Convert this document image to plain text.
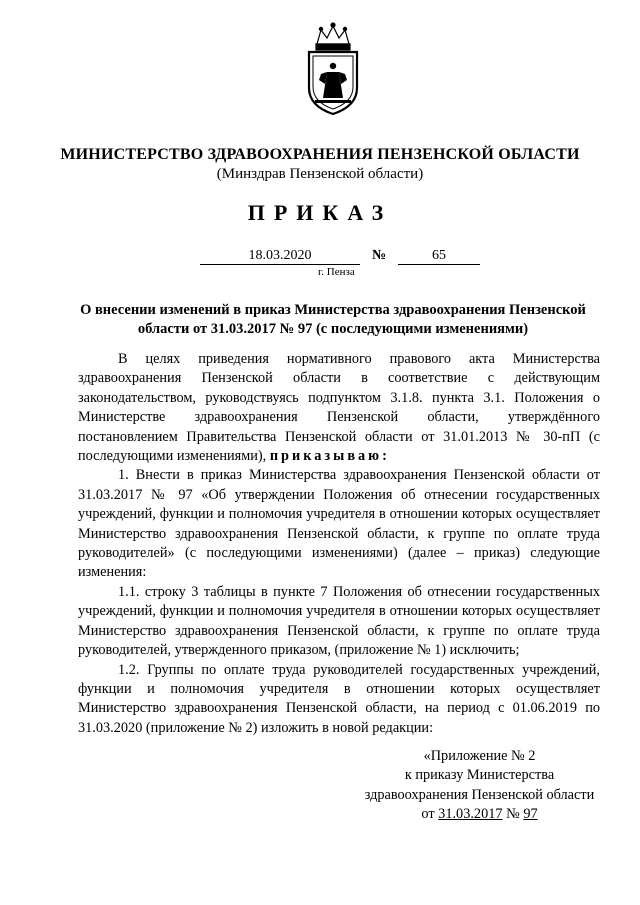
МИНИСТЕРСТВО ЗДРАВООХРАНЕНИЯ ПЕНЗЕНСКОЙ ОБЛАСТИ
(Минздрав Пензенской области)
ПРИКАЗ
18.03.2020	№	65
г. Пенза
О внесении изменений в приказ Министерства здравоохранения Пензенской области от 31.03.2017 № 97 (с последующими изменениями)

В целях приведения нормативного правового акта Министерства здравоохранения Пензенской области в соответствие с действующим законодательством, руководствуясь подпунктом 3.1.8. пункта 3.1. Положения о Министерстве здравоохранения Пензенской области, утверждённого постановлением Правительства Пензенской области от 31.01.2013 № 30-пП (с последующими изменениями), приказываю:

1. Внести в приказ Министерства здравоохранения Пензенской области от 31.03.2017 № 97 «Об утверждении Положения об отнесении государственных учреждений, функции и полномочия учредителя в отношении которых осуществляет Министерство здравоохранения Пензенской области, к группе по оплате труда руководителей» (с последующими изменениями) (далее – приказ) следующие изменения:

1.1. строку 3 таблицы в пункте 7 Положения об отнесении государственных учреждений, функции и полномочия учредителя в отношении которых осуществляет Министерство здравоохранения Пензенской области, к группе по оплате труда руководителей, утвержденного приказом, (приложение № 1) исключить;

1.2. Группы по оплате труда руководителей государственных учреждений, функции и полномочия учредителя в отношении которых осуществляет Министерство здравоохранения Пензенской области, на период с 01.06.2019 по 31.03.2020 (приложение № 2) изложить в новой редакции:

«Приложение № 2
к приказу Министерства
здравоохранения Пензенской области
от 31.03.2017 № 97
